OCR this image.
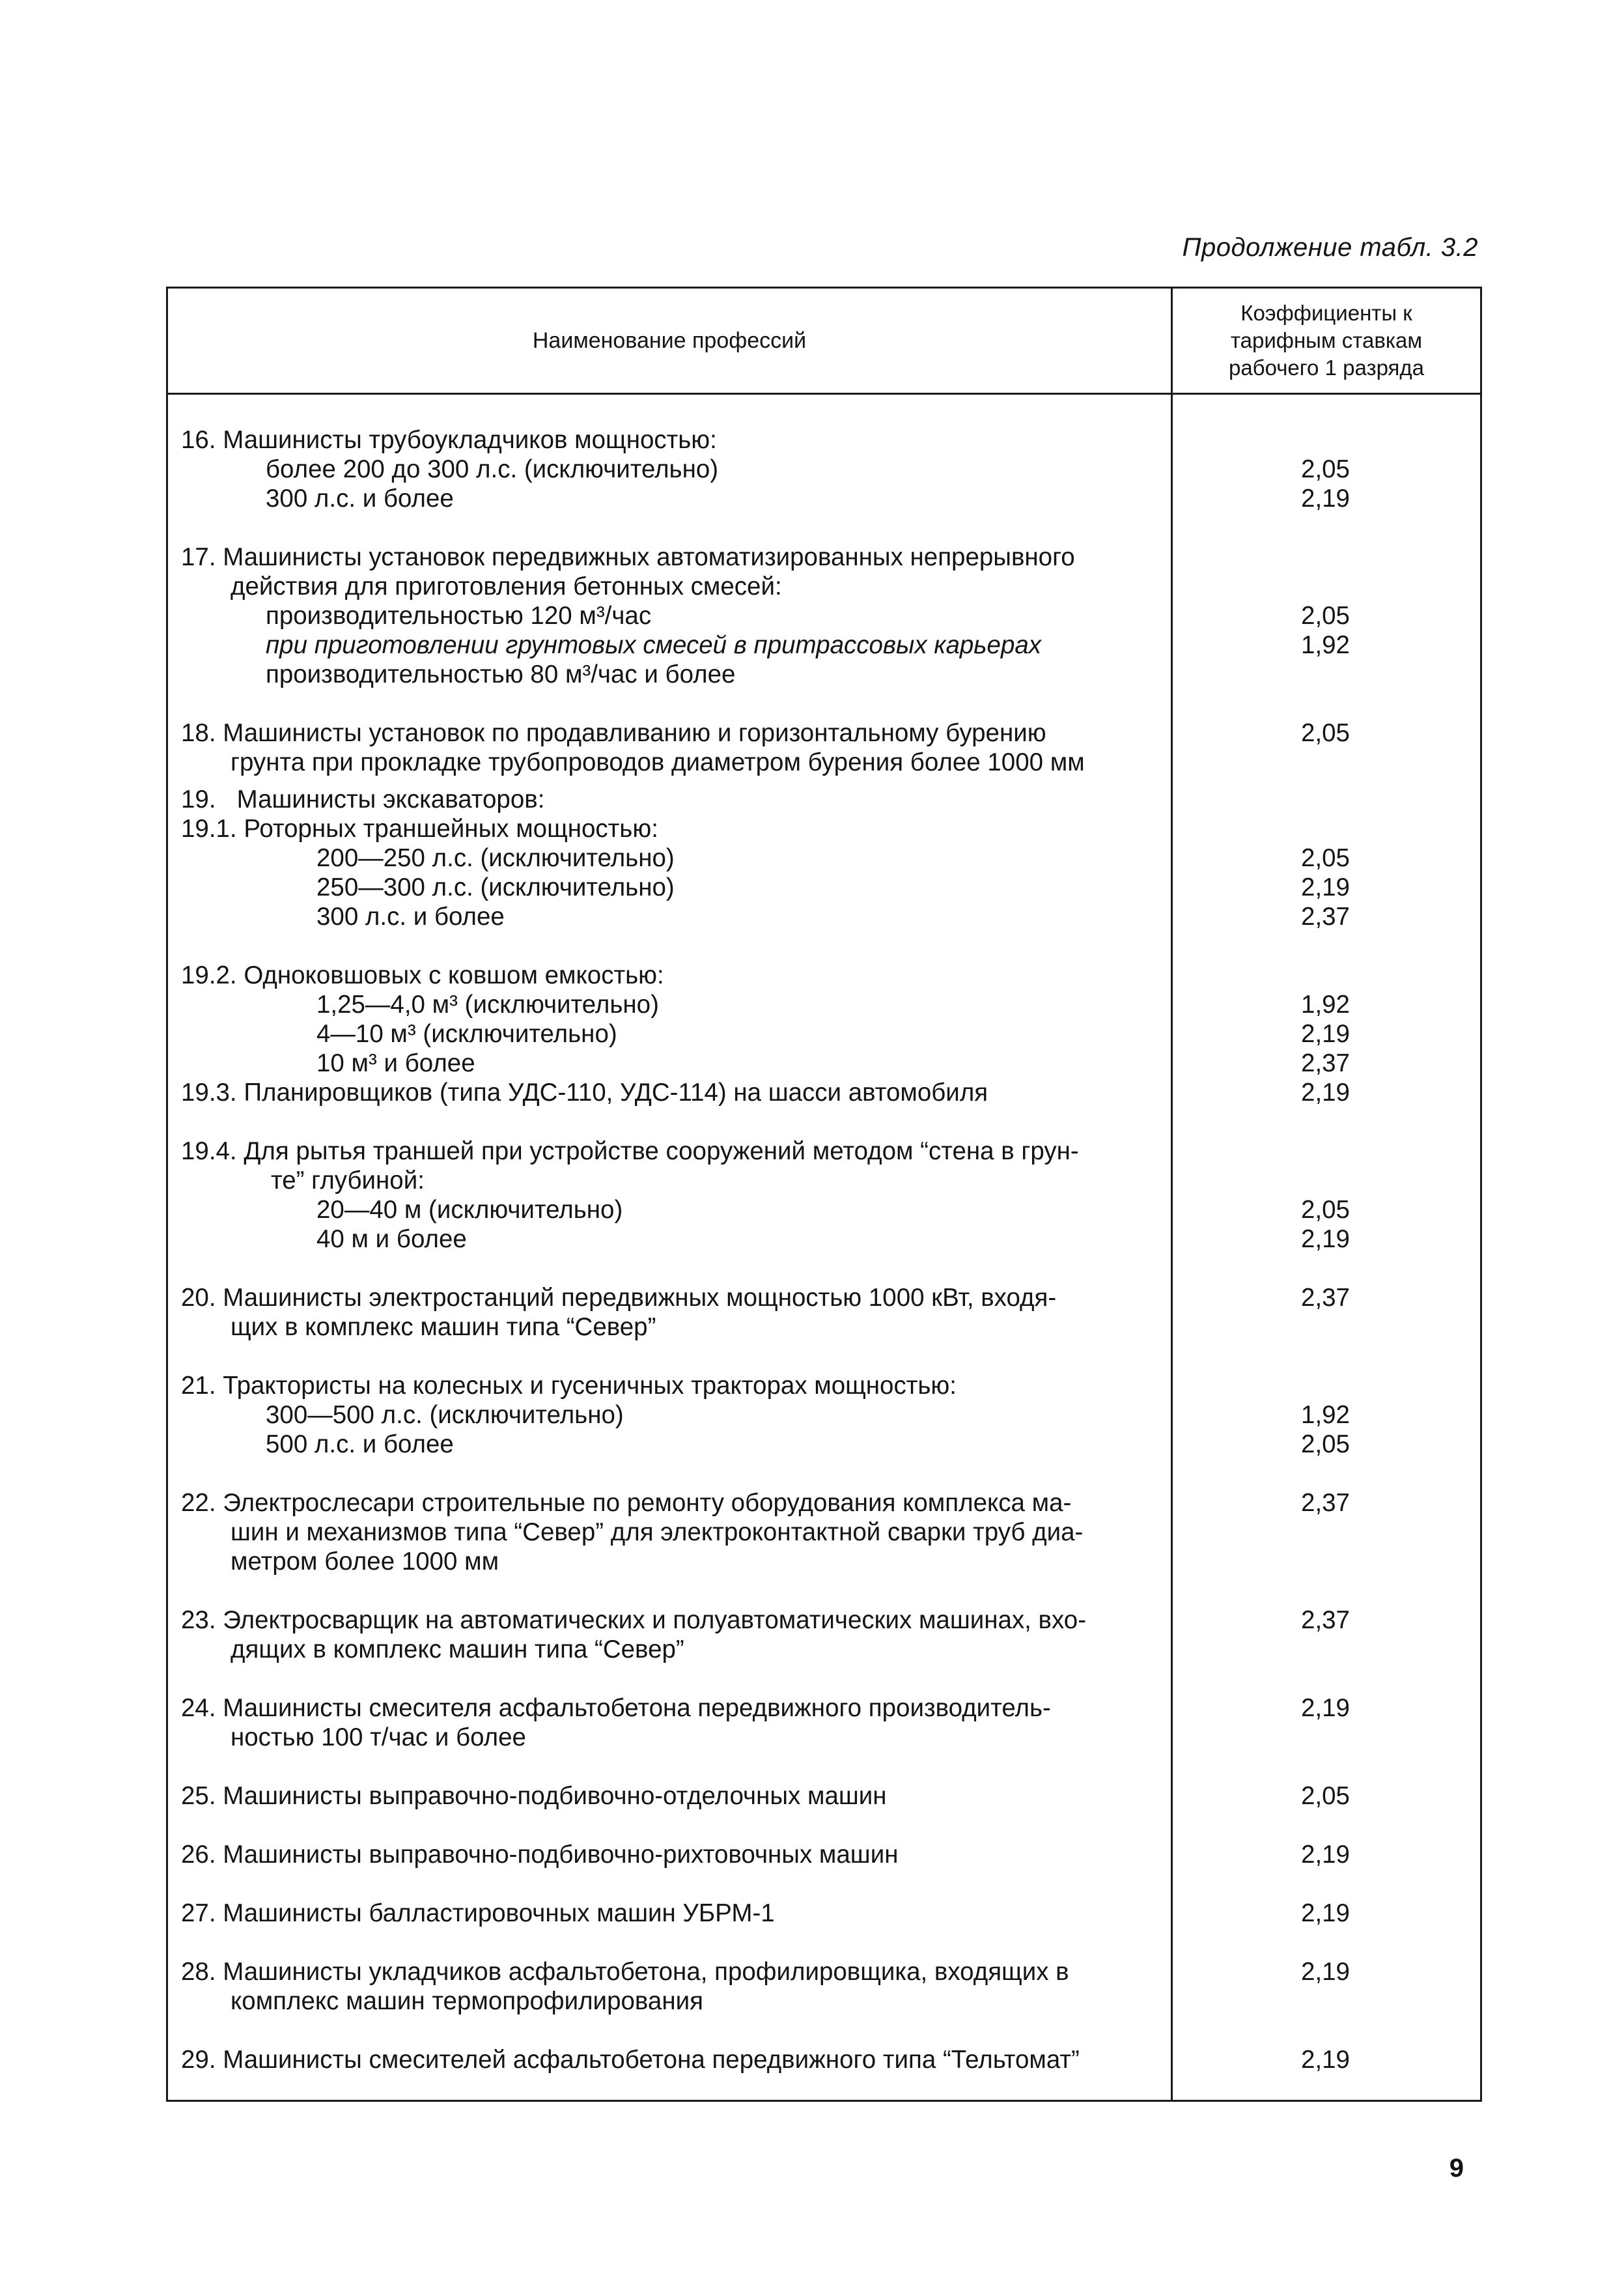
Продолжение табл. 3.2
Наименование профессий
Коэффициенты к
тарифным ставкам
рабочего 1 разряда
16. Машинисты трубоукладчиков мощностью:
более 200 до 300 л.с. (исключительно)	2,05
300 л.с. и более	2,19
17. Машинисты установок передвижных автоматизированных непрерывного
действия для приготовления бетонных смесей:
производительностью 120 м³/час	2,05
при приготовлении грунтовых смесей в притрассовых карьерах	1,92
производительностью 80 м³/час и более
18. Машинисты установок по продавливанию и горизонтальному бурению	2,05
грунта при прокладке трубопроводов диаметром бурения более 1000 мм
19. Машинисты экскаваторов:
19.1. Роторных траншейных мощностью:
200—250 л.с. (исключительно)	2,05
250—300 л.с. (исключительно)	2,19
300 л.с. и более	2,37
19.2. Одноковшовых с ковшом емкостью:
1,25—4,0 м³ (исключительно)	1,92
4—10 м³ (исключительно)	2,19
10 м³ и более	2,37
19.3. Планировщиков (типа УДС-110, УДС-114) на шасси автомобиля	2,19
19.4. Для рытья траншей при устройстве сооружений методом “стена в грун-
те” глубиной:
20—40 м (исключительно)	2,05
40 м и более	2,19
20. Машинисты электростанций передвижных мощностью 1000 кВт, входя-	2,37
щих в комплекс машин типа “Север”
21. Трактористы на колесных и гусеничных тракторах мощностью:
300—500 л.с. (исключительно)	1,92
500 л.с. и более	2,05
22. Электрослесари строительные по ремонту оборудования комплекса ма-	2,37
шин и механизмов типа “Север” для электроконтактной сварки труб диа-
метром более 1000 мм
23. Электросварщик на автоматических и полуавтоматических машинах, вхо-	2,37
дящих в комплекс машин типа “Север”
24. Машинисты смесителя асфальтобетона передвижного производитель-	2,19
ностью 100 т/час и более
25. Машинисты выправочно-подбивочно-отделочных машин	2,05
26. Машинисты выправочно-подбивочно-рихтовочных машин	2,19
27. Машинисты балластировочных машин УБРМ-1	2,19
28. Машинисты укладчиков асфальтобетона, профилировщика, входящих в	2,19
комплекс машин термопрофилирования
29. Машинисты смесителей асфальтобетона передвижного типа “Тельтомат”	2,19
9
